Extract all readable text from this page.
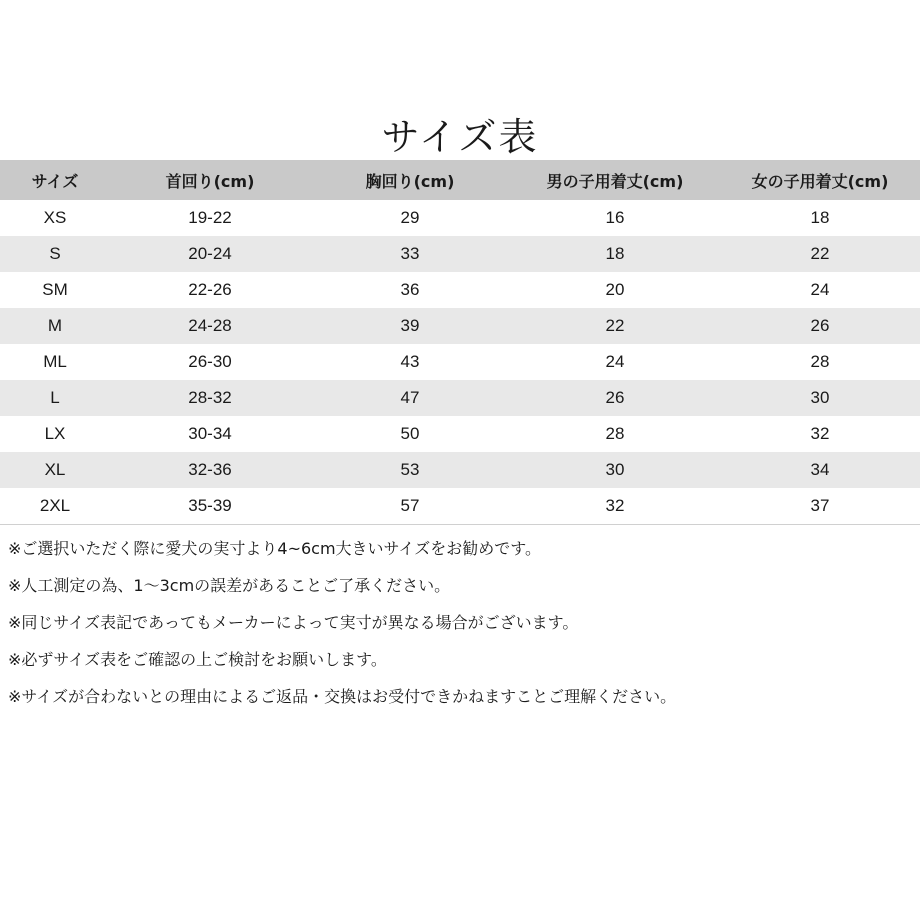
サイズ表
サイズ	首回り(cm)	胸回り(cm)	男の子用着丈(cm)	女の子用着丈(cm)
XS	19-22	29	16	18
S	20-24	33	18	22
SM	22-26	36	20	24
M	24-28	39	22	26
ML	26-30	43	24	28
L	28-32	47	26	30
LX	30-34	50	28	32
XL	32-36	53	30	34
2XL	35-39	57	32	37
※ご選択いただく際に愛犬の実寸より4~6cm大きいサイズをお勧めです。
※人工測定の為、1～3cmの誤差があることご了承ください。
※同じサイズ表記であってもメーカーによって実寸が異なる場合がございます。
※必ずサイズ表をご確認の上ご検討をお願いします。
※サイズが合わないとの理由によるご返品・交換はお受付できかねますことご理解ください。
